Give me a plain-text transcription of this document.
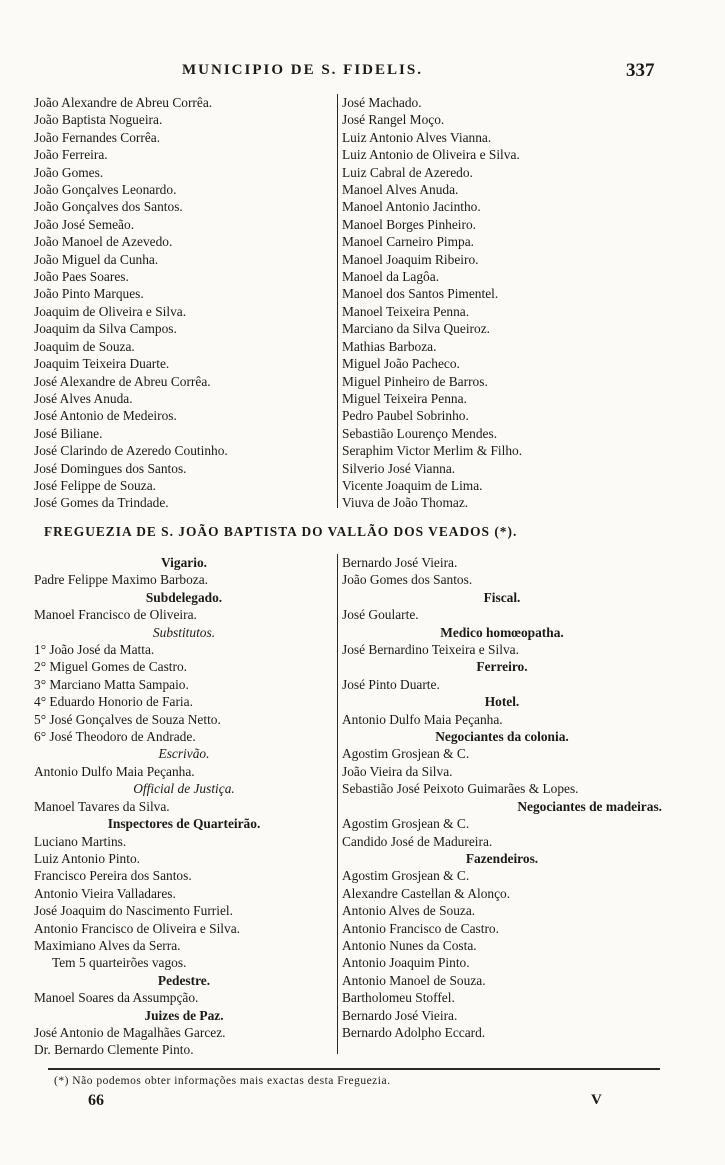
MUNICIPIO DE S. FIDELIS.	337
João Alexandre de Abreu Corrêa.
João Baptista Nogueira.
João Fernandes Corrêa.
João Ferreira.
João Gomes.
João Gonçalves Leonardo.
João Gonçalves dos Santos.
João José Semeão.
João Manoel de Azevedo.
João Miguel da Cunha.
João Paes Soares.
João Pinto Marques.
Joaquim de Oliveira e Silva.
Joaquim da Silva Campos.
Joaquim de Souza.
Joaquim Teixeira Duarte.
José Alexandre de Abreu Corrêa.
José Alves Anuda.
José Antonio de Medeiros.
José Biliane.
José Clarindo de Azeredo Coutinho.
José Domingues dos Santos.
José Felippe de Souza.
José Gomes da Trindade.
José Machado.
José Rangel Moço.
Luiz Antonio Alves Vianna.
Luiz Antonio de Oliveira e Silva.
Luiz Cabral de Azeredo.
Manoel Alves Anuda.
Manoel Antonio Jacintho.
Manoel Borges Pinheiro.
Manoel Carneiro Pimpa.
Manoel Joaquim Ribeiro.
Manoel da Lagôa.
Manoel dos Santos Pimentel.
Manoel Teixeira Penna.
Marciano da Silva Queiroz.
Mathias Barboza.
Miguel João Pacheco.
Miguel Pinheiro de Barros.
Miguel Teixeira Penna.
Pedro Paubel Sobrinho.
Sebastião Lourenço Mendes.
Seraphim Victor Merlim & Filho.
Silverio José Vianna.
Vicente Joaquim de Lima.
Viuva de João Thomaz.
FREGUEZIA DE S. JOÃO BAPTISTA DO VALLÃO DOS VEADOS (*).
Vigario.
Padre Felippe Maximo Barboza.
Subdelegado.
Manoel Francisco de Oliveira.
Substitutos.
1° João José da Matta.
2° Miguel Gomes de Castro.
3° Marciano Matta Sampaio.
4° Eduardo Honorio de Faria.
5° José Gonçalves de Souza Netto.
6° José Theodoro de Andrade.
Escrivão.
Antonio Dulfo Maia Peçanha.
Official de Justiça.
Manoel Tavares da Silva.
Inspectores de Quarteirão.
Luciano Martins.
Luiz Antonio Pinto.
Francisco Pereira dos Santos.
Antonio Vieira Valladares.
José Joaquim do Nascimento Furriel.
Antonio Francisco de Oliveira e Silva.
Maximiano Alves da Serra.
Tem 5 quarteirões vagos.
Pedestre.
Manoel Soares da Assumpção.
Juizes de Paz.
José Antonio de Magalhães Garcez.
Dr. Bernardo Clemente Pinto.
Bernardo José Vieira.
João Gomes dos Santos.
Fiscal.
José Goularte.
Medico homœopatha.
José Bernardino Teixeira e Silva.
Ferreiro.
José Pinto Duarte.
Hotel.
Antonio Dulfo Maia Peçanha.
Negociantes da colonia.
Agostim Grosjean & C.
João Vieira da Silva.
Sebastião José Peixoto Guimarães & Lopes.
Negociantes de madeiras.
Agostim Grosjean & C.
Candido José de Madureira.
Fazendeiros.
Agostim Grosjean & C.
Alexandre Castellan & Alonço.
Antonio Alves de Souza.
Antonio Francisco de Castro.
Antonio Nunes da Costa.
Antonio Joaquim Pinto.
Antonio Manoel de Souza.
Bartholomeu Stoffel.
Bernardo José Vieira.
Bernardo Adolpho Eccard.
(*) Não podemos obter informações mais exactas desta Freguezia.
66	V
